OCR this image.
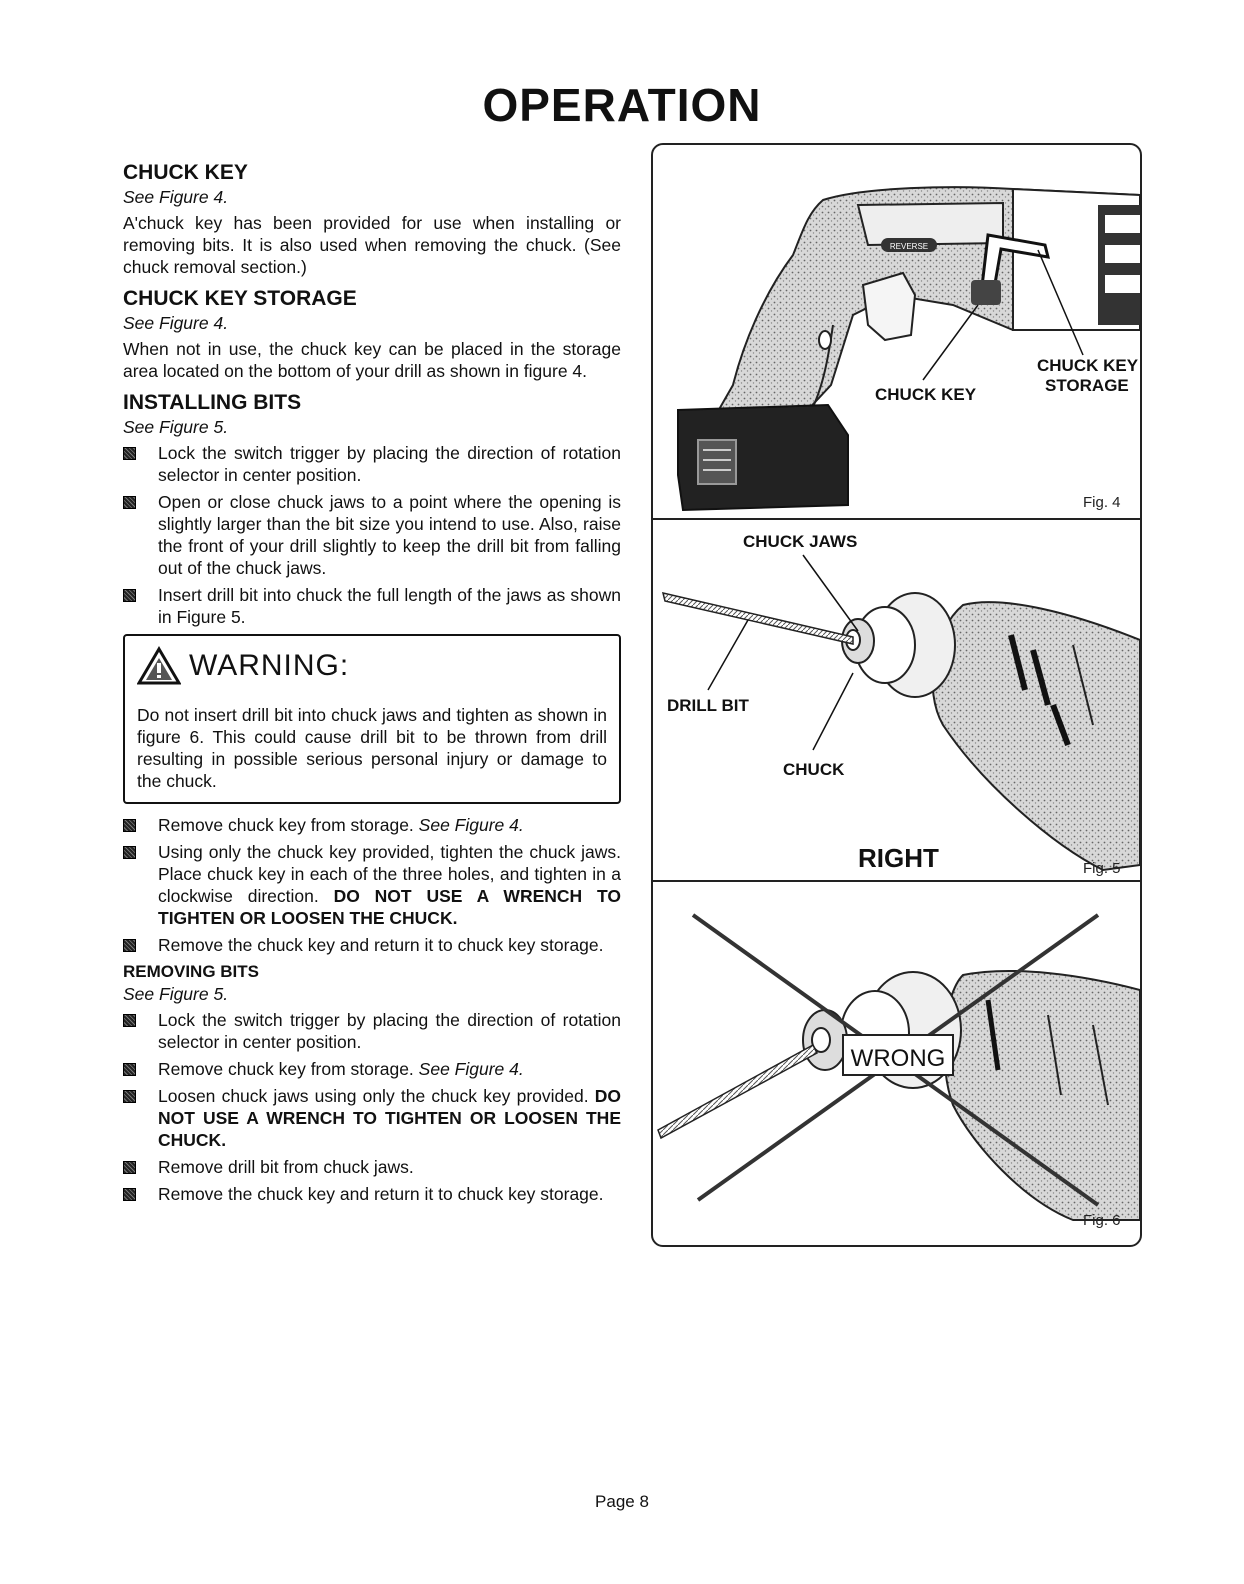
OPERATION
CHUCK KEY

See Figure 4.

A'chuck key has been provided for use when installing or removing bits. It is also used when removing the chuck. (See chuck removal section.)

CHUCK KEY STORAGE

See Figure 4.

When not in use, the chuck key can be placed in the storage area located on the bottom of your drill as shown in figure 4.

INSTALLING BITS

See Figure 5.

Lock the switch trigger by placing the direction of rotation selector in center position.
Open or close chuck jaws to a point where the opening is slightly larger than the bit size you intend to use. Also, raise the front of your drill slightly to keep the drill bit from falling out of the chuck jaws.
Insert drill bit into chuck the full length of the jaws as shown in Figure 5.
WARNING:

Do not insert drill bit into chuck jaws and tighten as shown in figure 6. This could cause drill bit to be thrown from drill resulting in possible serious personal injury or damage to the chuck.

Remove chuck key from storage. See Figure 4.
Using only the chuck key provided, tighten the chuck jaws. Place chuck key in each of the three holes, and tighten in a clockwise direction. DO NOT USE A WRENCH TO TIGHTEN OR LOOSEN THE CHUCK.
Remove the chuck key and return it to chuck key storage.
REMOVING BITS

See Figure 5.

Lock the switch trigger by placing the direction of rotation selector in center position.
Remove chuck key from storage. See Figure 4.
Loosen chuck jaws using only the chuck key provided. DO NOT USE A WRENCH TO TIGHTEN OR LOOSEN THE CHUCK.
Remove drill bit from chuck jaws.
Remove the chuck key and return it to chuck key storage.
REVERSE
CHUCK KEY
CHUCK KEY
STORAGE
Fig. 4
CHUCK JAWS
DRILL BIT
CHUCK
RIGHT	Fig. 5
WRONG
Fig. 6
Page 8
